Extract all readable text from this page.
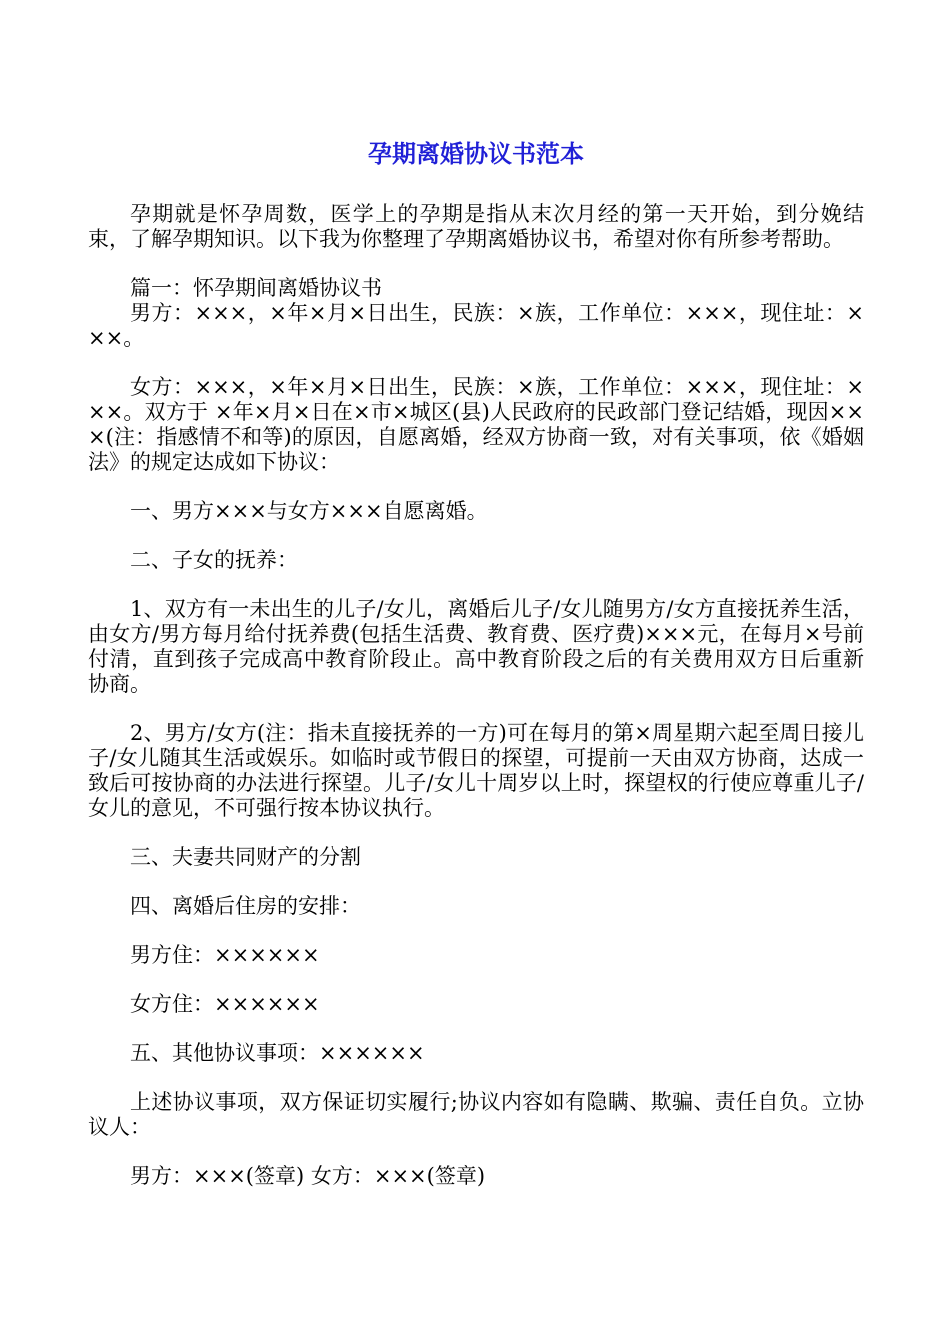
孕期离婚协议书范本

孕期就是怀孕周数，医学上的孕期是指从末次月经的第一天开始，到分娩结束，了解孕期知识。以下我为你整理了孕期离婚协议书，希望对你有所参考帮助。

篇一：怀孕期间离婚协议书

男方：×××，×年×月×日出生，民族：×族，工作单位：×××，现住址：×××。

女方：×××，×年×月×日出生，民族：×族，工作单位：×××，现住址：×××。双方于 ×年×月×日在×市×城区(县)人民政府的民政部门登记结婚，现因×××(注：指感情不和等)的原因，自愿离婚，经双方协商一致，对有关事项，依《婚姻法》的规定达成如下协议：

一、男方×××与女方×××自愿离婚。

二、子女的抚养：

1、双方有一未出生的儿子/女儿，离婚后儿子/女儿随男方/女方直接抚养生活，由女方/男方每月给付抚养费(包括生活费、教育费、医疗费)×××元，在每月×号前付清，直到孩子完成高中教育阶段止。高中教育阶段之后的有关费用双方日后重新协商。

2、男方/女方(注：指未直接抚养的一方)可在每月的第×周星期六起至周日接儿子/女儿随其生活或娱乐。如临时或节假日的探望，可提前一天由双方协商，达成一致后可按协商的办法进行探望。儿子/女儿十周岁以上时，探望权的行使应尊重儿子/女儿的意见，不可强行按本协议执行。

三、夫妻共同财产的分割

四、离婚后住房的安排：

男方住：××××××

女方住：××××××

五、其他协议事项：××××××

上述协议事项，双方保证切实履行;协议内容如有隐瞒、欺骗、责任自负。立协议人：

男方：×××(签章) 女方：×××(签章)
